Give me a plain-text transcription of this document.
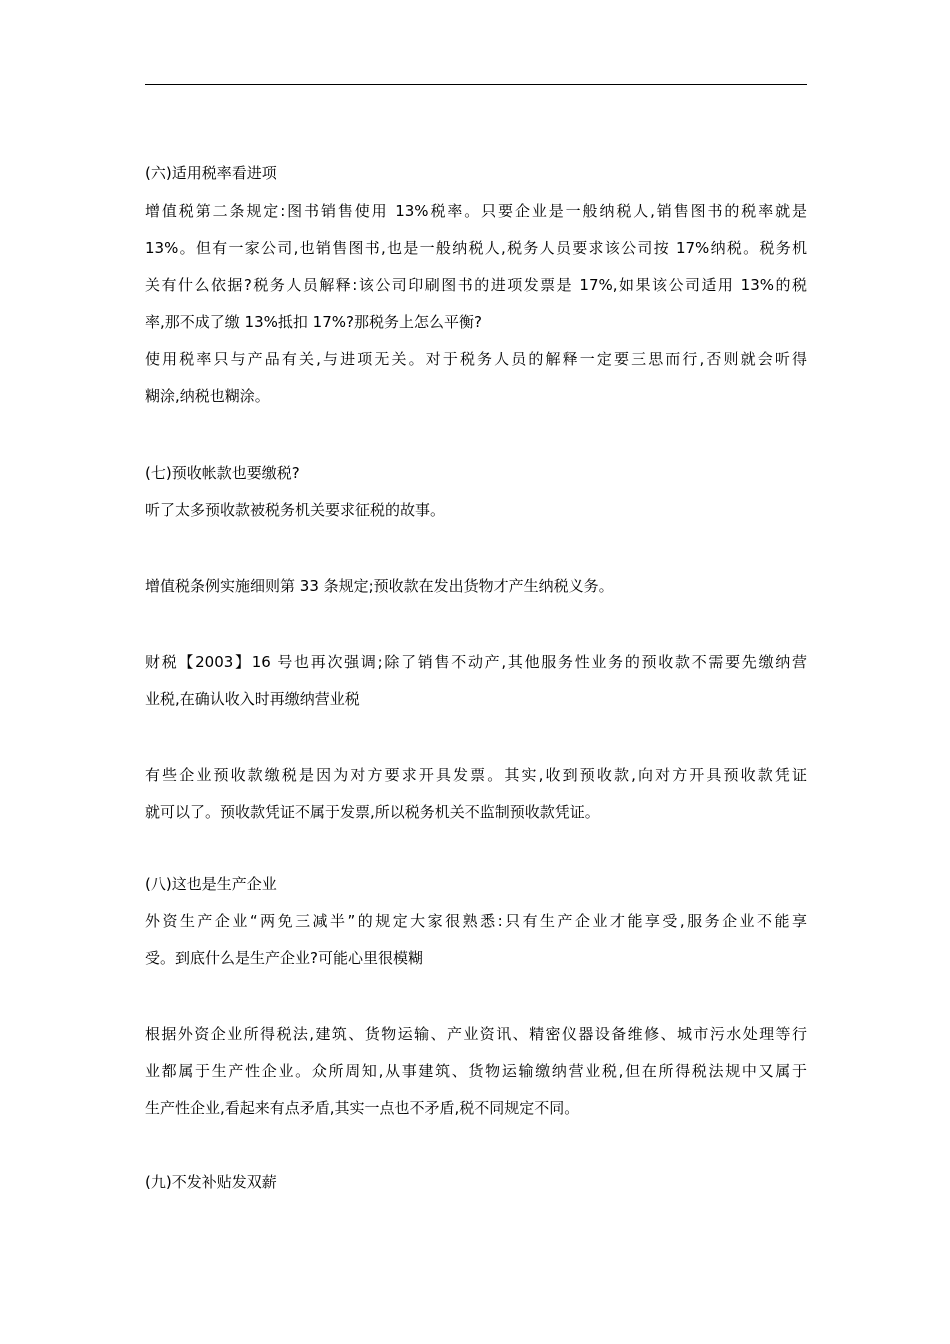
(六)适用税率看进项
增值税第二条规定:图书销售使用 13%税率。只要企业是一般纳税人,销售图书的税率就是
13%。但有一家公司,也销售图书,也是一般纳税人,税务人员要求该公司按 17%纳税。税务机
关有什么依据?税务人员解释:该公司印刷图书的进项发票是 17%,如果该公司适用 13%的税
率,那不成了缴 13%抵扣 17%?那税务上怎么平衡?
使用税率只与产品有关,与进项无关。对于税务人员的解释一定要三思而行,否则就会听得
糊涂,纳税也糊涂。
(七)预收帐款也要缴税?
听了太多预收款被税务机关要求征税的故事。
增值税条例实施细则第 33 条规定;预收款在发出货物才产生纳税义务。
财税【2003】16 号也再次强调;除了销售不动产,其他服务性业务的预收款不需要先缴纳营
业税,在确认收入时再缴纳营业税
有些企业预收款缴税是因为对方要求开具发票。其实,收到预收款,向对方开具预收款凭证
就可以了。预收款凭证不属于发票,所以税务机关不监制预收款凭证。
(八)这也是生产企业
外资生产企业“两免三减半”的规定大家很熟悉:只有生产企业才能享受,服务企业不能享
受。到底什么是生产企业?可能心里很模糊
根据外资企业所得税法,建筑、货物运输、产业资讯、精密仪器设备维修、城市污水处理等行
业都属于生产性企业。众所周知,从事建筑、货物运输缴纳营业税,但在所得税法规中又属于
生产性企业,看起来有点矛盾,其实一点也不矛盾,税不同规定不同。
(九)不发补贴发双薪
